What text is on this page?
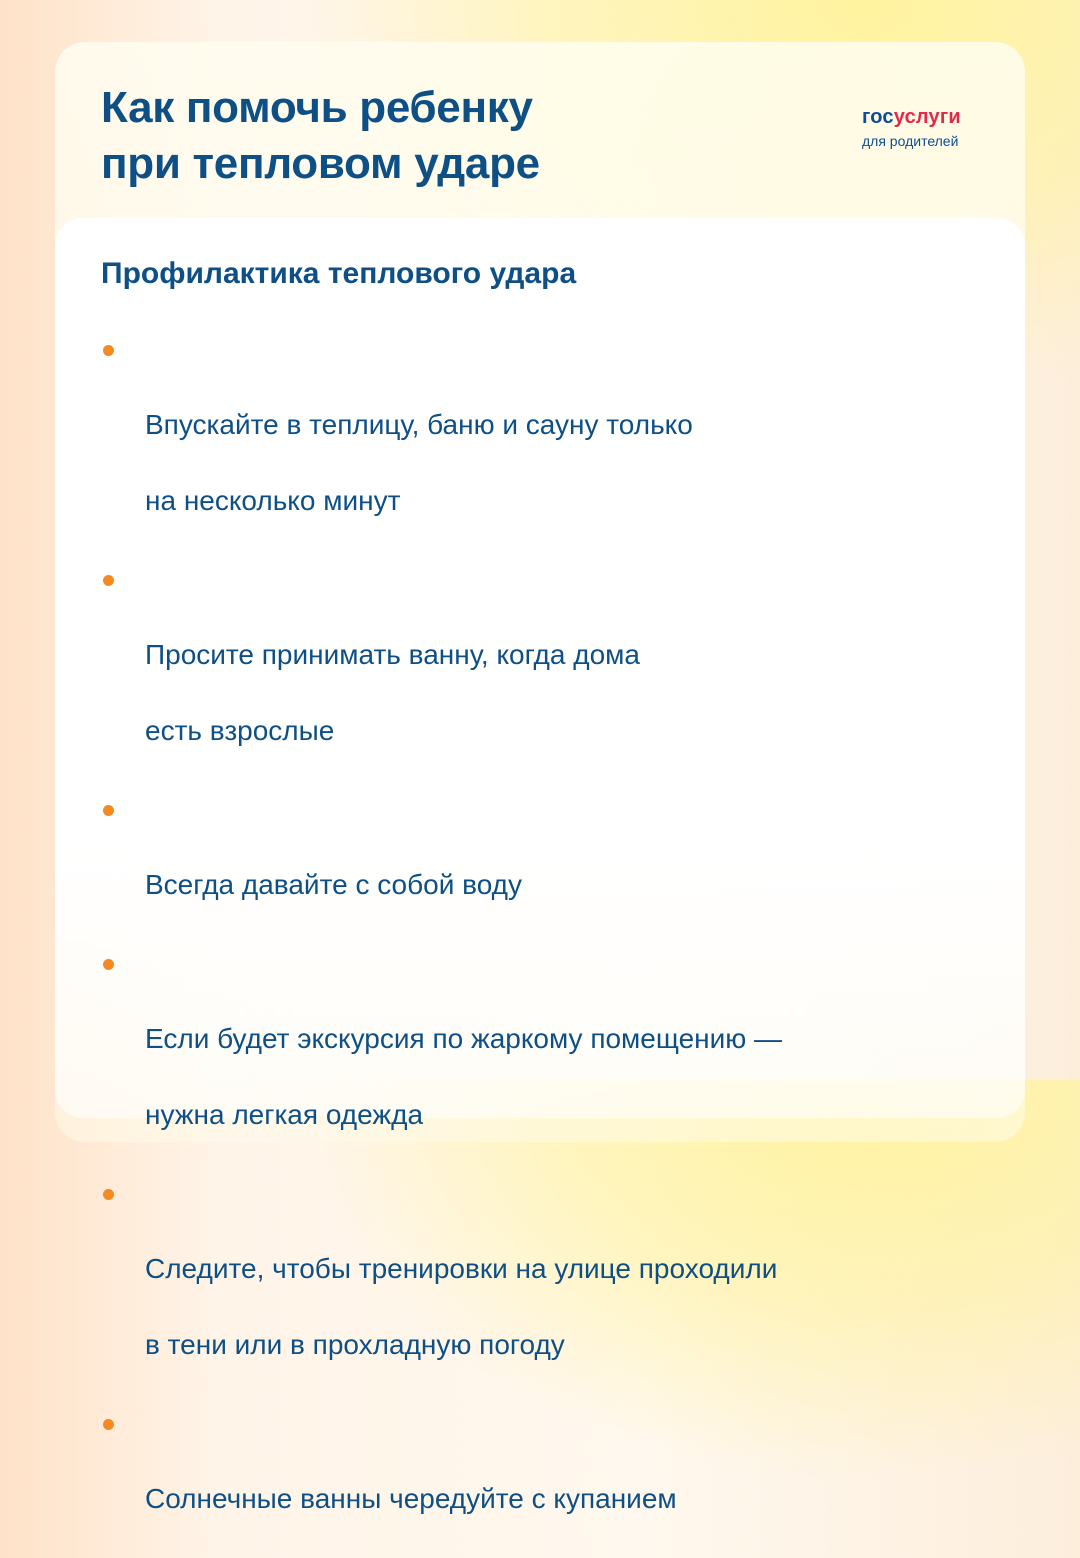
Как помочь ребенку
при тепловом ударе
госуслуги
для родителей
Профилактика теплового удара

Впускайте в теплицу, баню и сауну только

на несколько минут

Просите принимать ванну, когда дома

есть взрослые

Всегда давайте с собой воду

Если будет экскурсия по жаркому помещению —

нужна легкая одежда

Следите, чтобы тренировки на улице проходили

в тени или в прохладную погоду

Солнечные ванны чередуйте с купанием
